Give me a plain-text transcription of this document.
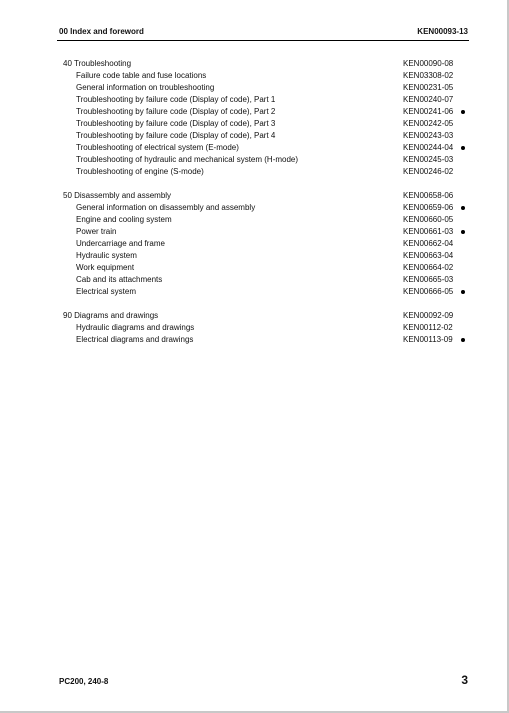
00 Index and foreword	KEN00093-13
40 Troubleshooting	KEN00090-08
Failure code table and fuse locations	KEN03308-02
General information on troubleshooting	KEN00231-05
Troubleshooting by failure code (Display of code), Part 1	KEN00240-07
Troubleshooting by failure code (Display of code), Part 2	KEN00241-06
Troubleshooting by failure code (Display of code), Part 3	KEN00242-05
Troubleshooting by failure code (Display of code), Part 4	KEN00243-03
Troubleshooting of electrical system (E-mode)	KEN00244-04
Troubleshooting of hydraulic and mechanical system (H-mode)	KEN00245-03
Troubleshooting of engine (S-mode)	KEN00246-02
50 Disassembly and assembly	KEN00658-06
General information on disassembly and assembly	KEN00659-06
Engine and cooling system	KEN00660-05
Power train	KEN00661-03
Undercarriage and frame	KEN00662-04
Hydraulic system	KEN00663-04
Work equipment	KEN00664-02
Cab and its attachments	KEN00665-03
Electrical system	KEN00666-05
90 Diagrams and drawings	KEN00092-09
Hydraulic diagrams and drawings	KEN00112-02
Electrical diagrams and drawings	KEN00113-09
PC200, 240-8	3
